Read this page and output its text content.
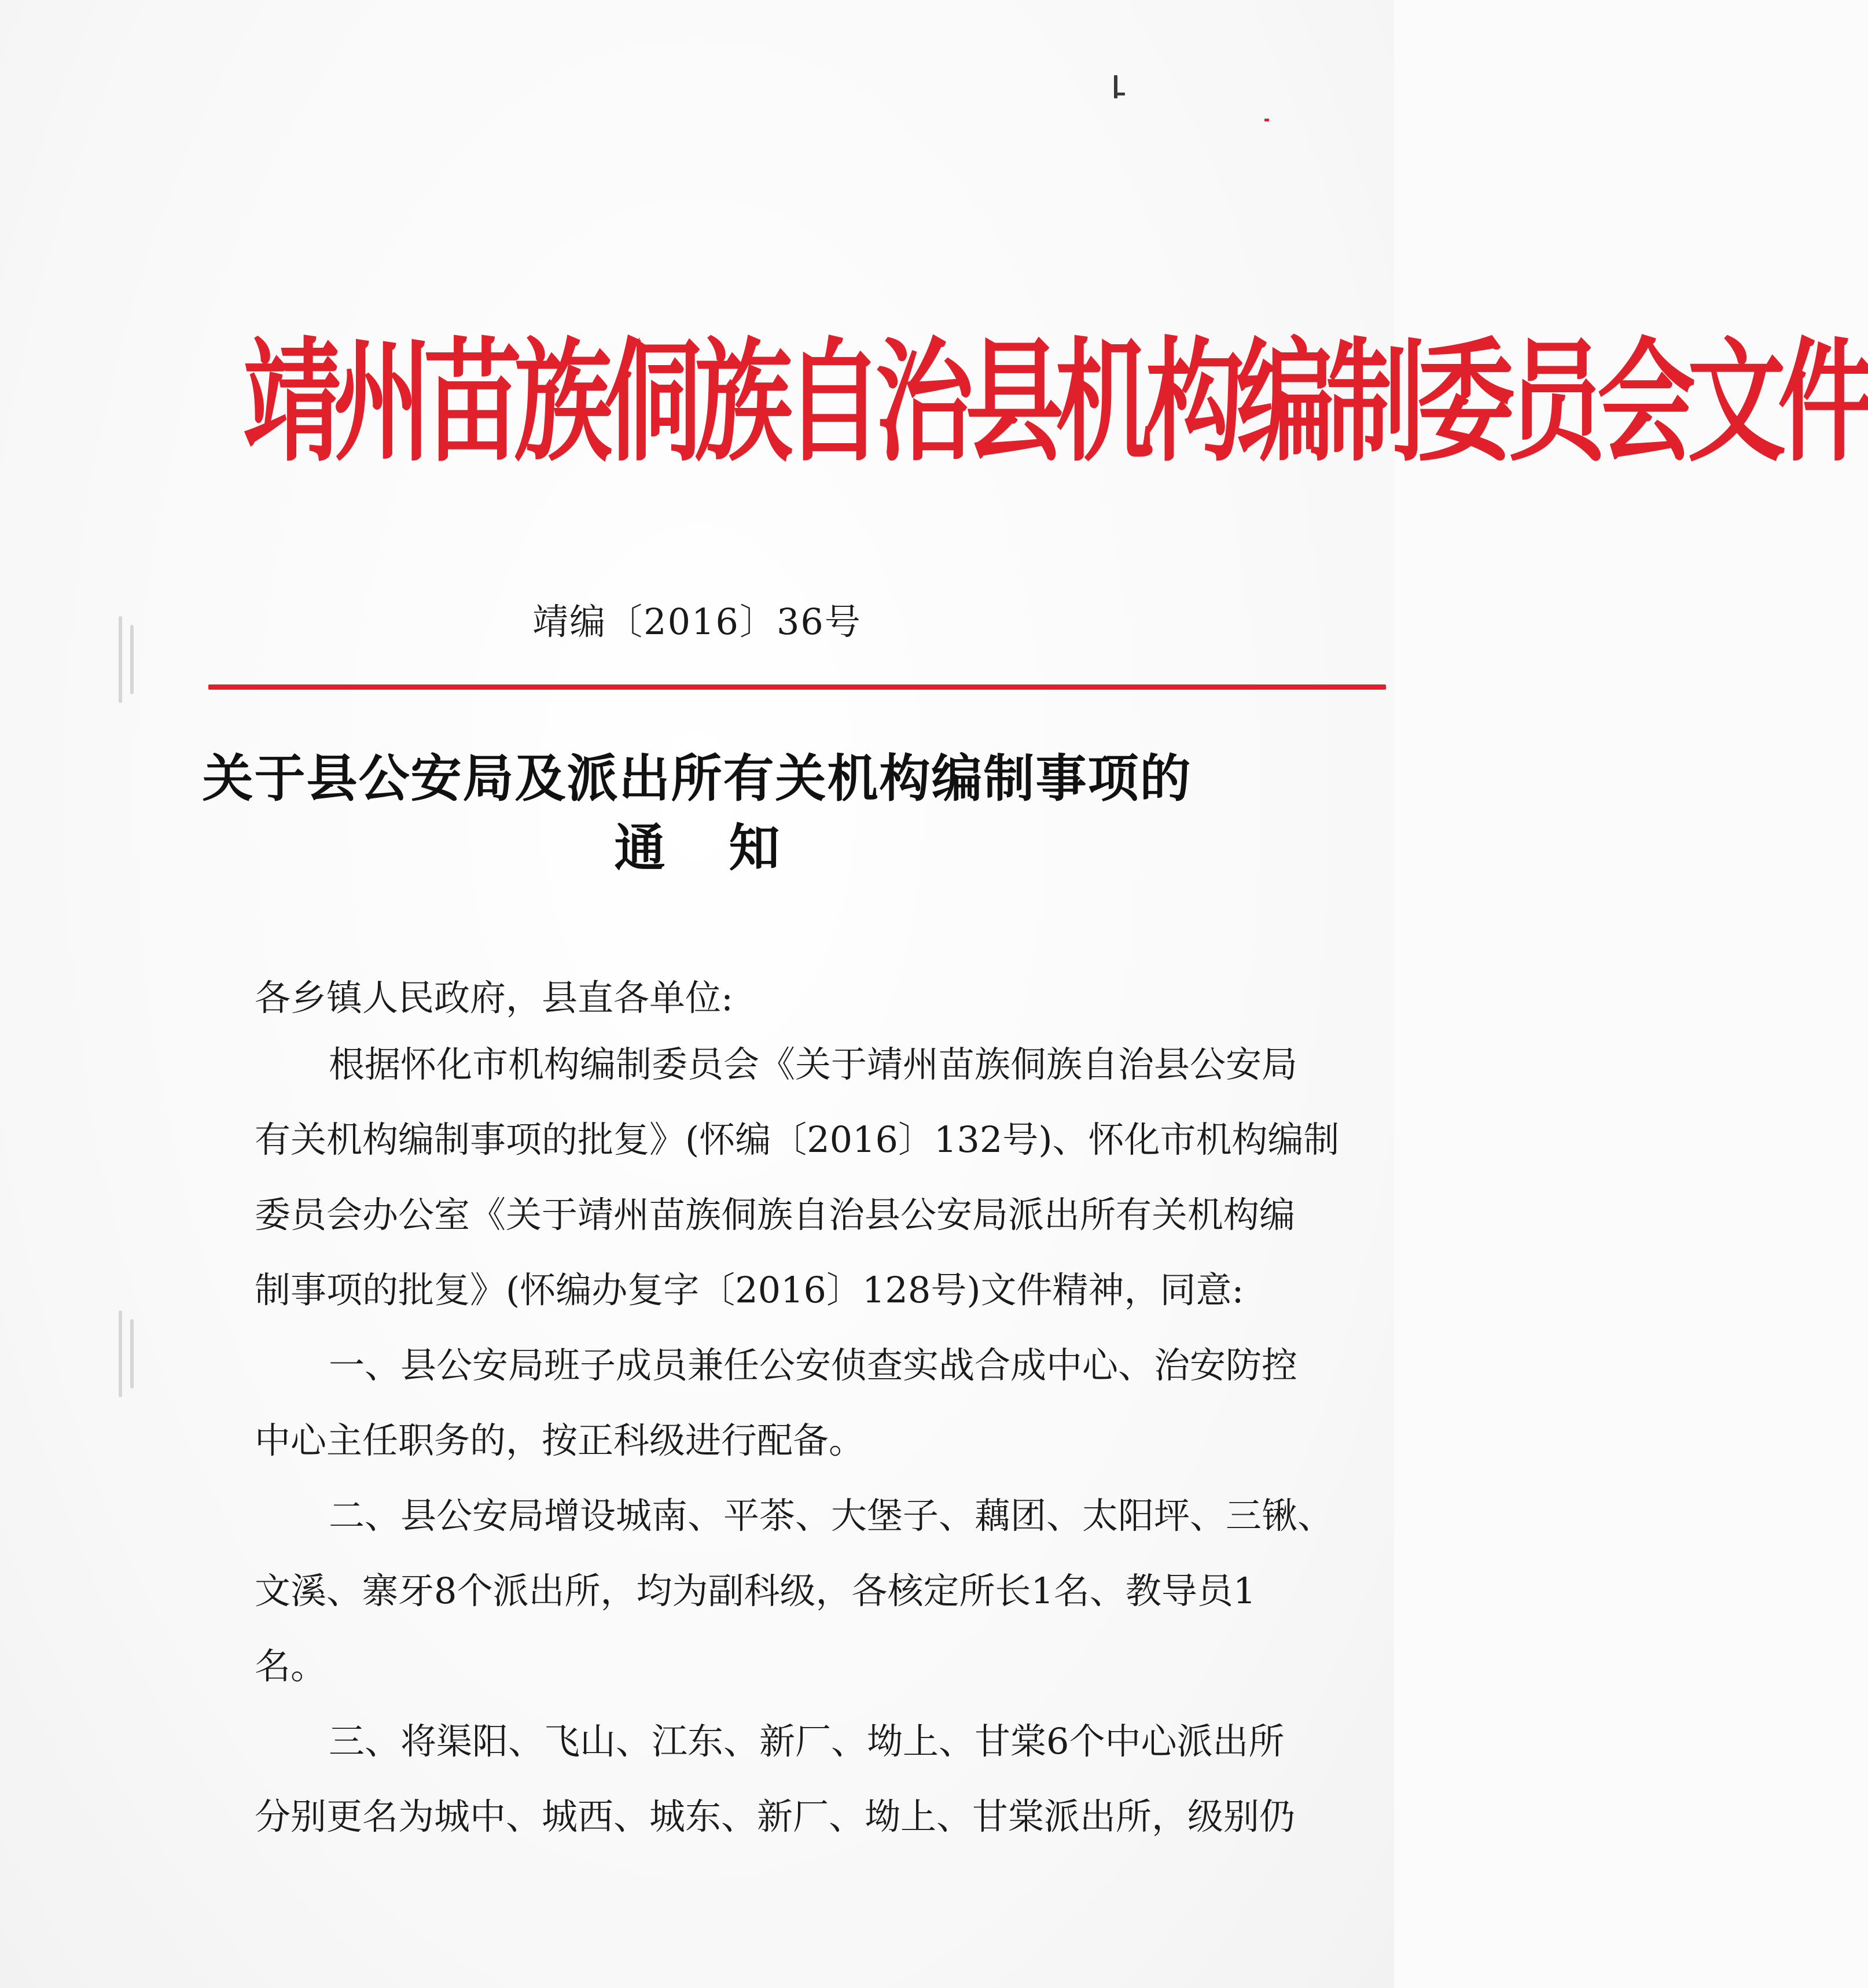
靖州苗族侗族自治县机构编制委员会文件
靖编〔2016〕36号
关于县公安局及派出所有关机构编制事项的
通知
各乡镇人民政府，县直各单位:
根据怀化市机构编制委员会《关于靖州苗族侗族自治县公安局
有关机构编制事项的批复》(怀编〔2016〕132号)、怀化市机构编制
委员会办公室《关于靖州苗族侗族自治县公安局派出所有关机构编
制事项的批复》(怀编办复字〔2016〕128号)文件精神，同意:
一、县公安局班子成员兼任公安侦查实战合成中心、治安防控
中心主任职务的，按正科级进行配备。
二、县公安局增设城南、平茶、大堡子、藕团、太阳坪、三锹、
文溪、寨牙8个派出所，均为副科级，各核定所长1名、教导员1
名。
三、将渠阳、飞山、江东、新厂、坳上、甘棠6个中心派出所
分别更名为城中、城西、城东、新厂、坳上、甘棠派出所，级别仍
